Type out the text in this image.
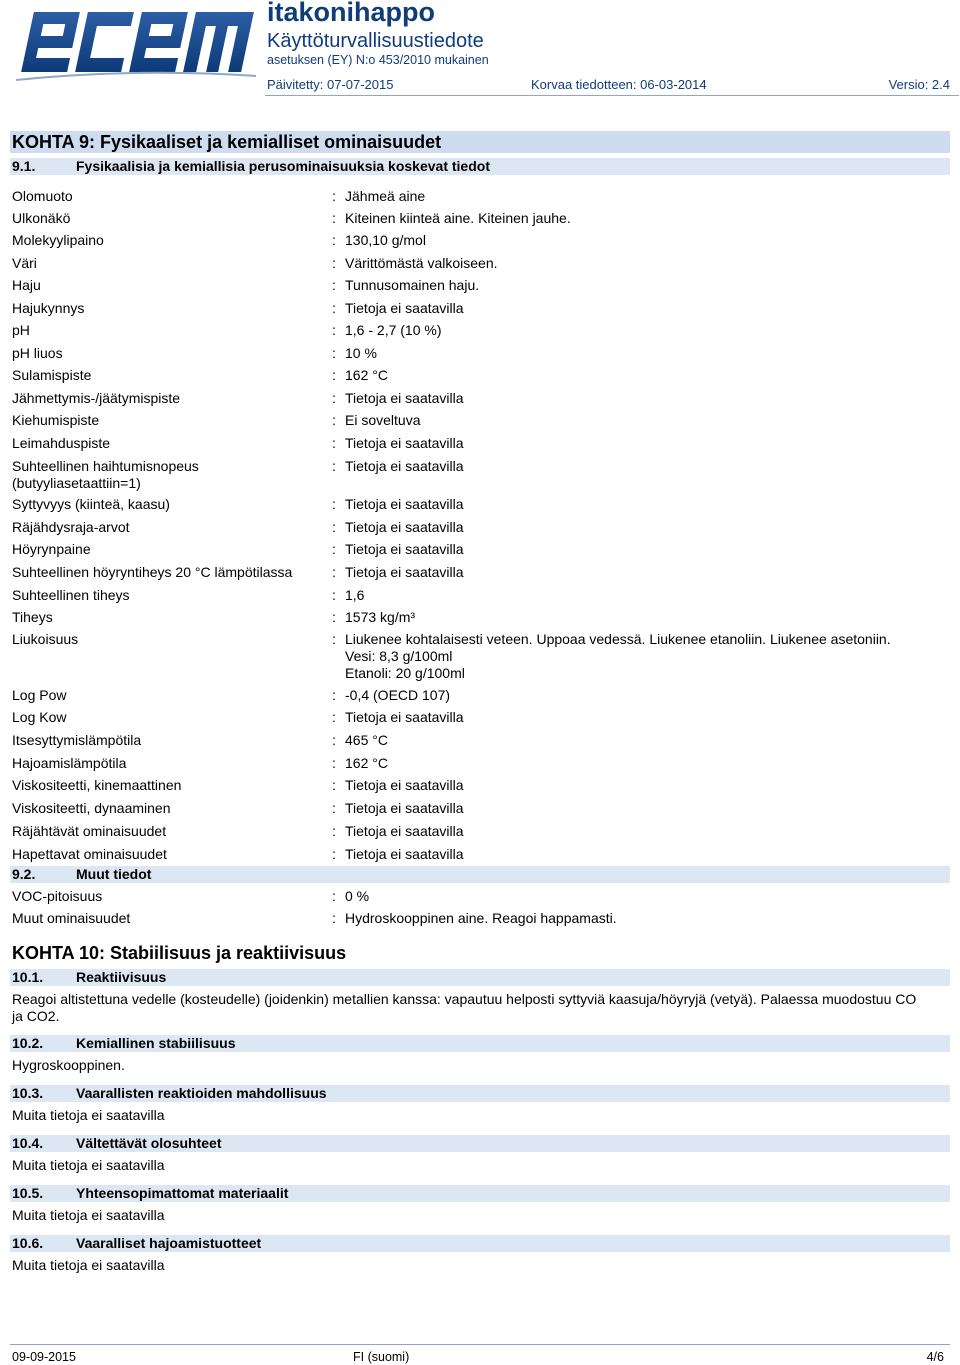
itakonihappo
Käyttöturvallisuustiedote
asetuksen (EY) N:o 453/2010 mukainen
Päivitetty: 07-07-2015	Korvaa tiedotteen: 06-03-2014	Versio: 2.4
KOHTA 9: Fysikaaliset ja kemialliset ominaisuudet
9.1.	Fysikaalisia ja kemiallisia perusominaisuuksia koskevat tiedot
Olomuoto	: Jähmeä aine
Ulkonäkö	: Kiteinen kiinteä aine. Kiteinen jauhe.
Molekyylipaino	: 130,10 g/mol
Väri	: Värittömästä valkoiseen.
Haju	: Tunnusomainen haju.
Hajukynnys	: Tietoja ei saatavilla
pH	: 1,6 - 2,7 (10 %)
pH liuos	: 10 %
Sulamispiste	: 162 °C
Jähmettymis-/jäätymispiste	: Tietoja ei saatavilla
Kiehumispiste	: Ei soveltuva
Leimahduspiste	: Tietoja ei saatavilla
Suhteellinen haihtumisnopeus
(butyyliasetaattiin=1)
: Tietoja ei saatavilla
Syttyvyys (kiinteä, kaasu)	: Tietoja ei saatavilla
Räjähdysraja-arvot	: Tietoja ei saatavilla
Höyrynpaine	: Tietoja ei saatavilla
Suhteellinen höyryntiheys 20 °C lämpötilassa	: Tietoja ei saatavilla
Suhteellinen tiheys	: 1,6
Tiheys	: 1573 kg/m³
Liukoisuus	: Liukenee kohtalaisesti veteen. Uppoaa vedessä. Liukenee etanoliin. Liukenee asetoniin.
Vesi: 8,3 g/100ml
Etanoli: 20 g/100ml
Log Pow	: -0,4 (OECD 107)
Log Kow	: Tietoja ei saatavilla
Itsesyttymislämpötila	: 465 °C
Hajoamislämpötila	: 162 °C
Viskositeetti, kinemaattinen	: Tietoja ei saatavilla
Viskositeetti, dynaaminen	: Tietoja ei saatavilla
Räjähtävät ominaisuudet	: Tietoja ei saatavilla
Hapettavat ominaisuudet	: Tietoja ei saatavilla
9.2.	Muut tiedot
VOC-pitoisuus	: 0 %
Muut ominaisuudet	: Hydroskooppinen aine. Reagoi happamasti.
KOHTA 10: Stabiilisuus ja reaktiivisuus
10.1. Reaktiivisuus
Reagoi altistettuna vedelle (kosteudelle) (joidenkin) metallien kanssa: vapautuu helposti syttyviä kaasuja/höyryjä (vetyä). Palaessa muodostuu CO
ja CO2.
10.2. Kemiallinen stabiilisuus
Hygroskooppinen.
10.3. Vaarallisten reaktioiden mahdollisuus
Muita tietoja ei saatavilla
10.4. Vältettävät olosuhteet
Muita tietoja ei saatavilla
10.5. Yhteensopimattomat materiaalit
Muita tietoja ei saatavilla
10.6. Vaaralliset hajoamistuotteet
Muita tietoja ei saatavilla
09-09-2015	FI (suomi)	4/6
